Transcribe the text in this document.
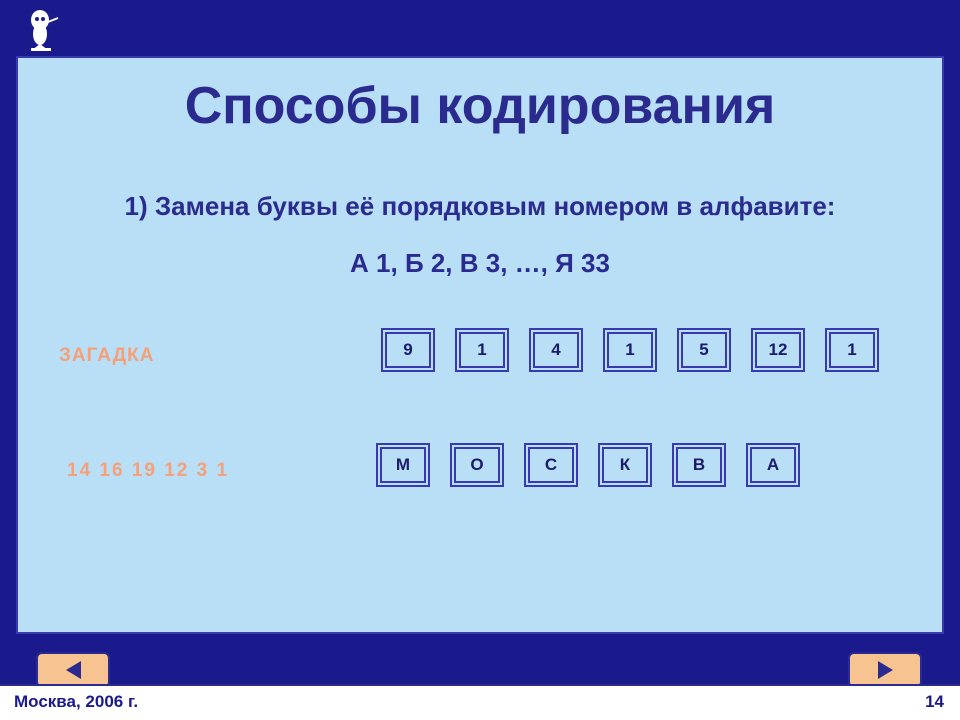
Способы кодирования
1) Замена буквы её порядковым номером в алфавите:
А 1, Б 2, В 3, …, Я 33
ЗАГАДКА	9	1	4	1	5	12	1
14 16 19 12 3 1	М	О	С	К	В	А
Москва, 2006 г.	14
